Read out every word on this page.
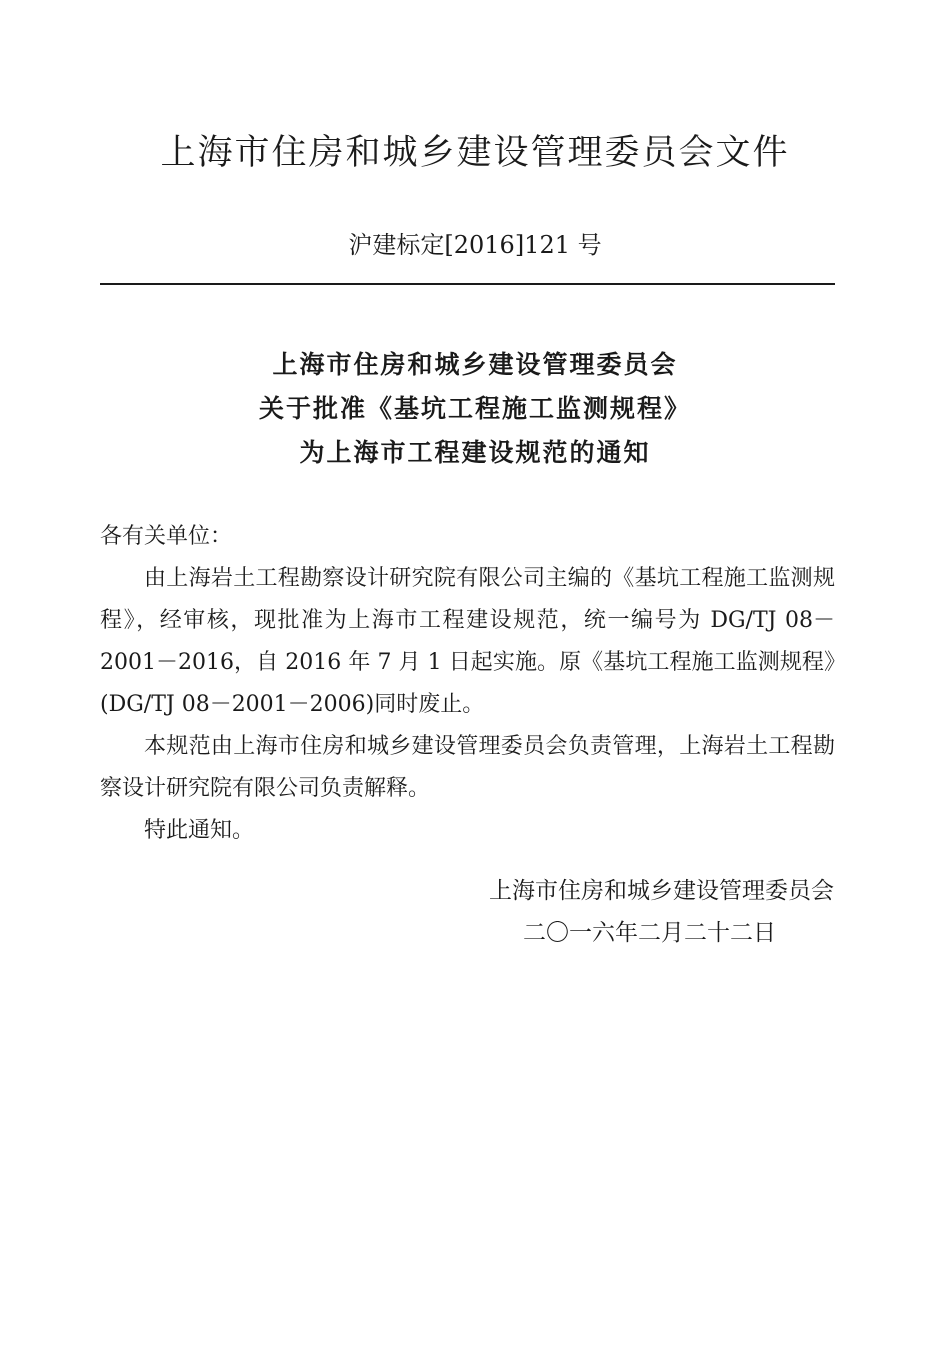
上海市住房和城乡建设管理委员会文件
沪建标定[2016]121 号
上海市住房和城乡建设管理委员会
关于批准《基坑工程施工监测规程》
为上海市工程建设规范的通知

各有关单位：

由上海岩土工程勘察设计研究院有限公司主编的《基坑工程施工监测规程》，经审核，现批准为上海市工程建设规范，统一编号为 DG/TJ 08－2001－2016，自 2016 年 7 月 1 日起实施。原《基坑工程施工监测规程》(DG/TJ 08－2001－2006)同时废止。

本规范由上海市住房和城乡建设管理委员会负责管理，上海岩土工程勘察设计研究院有限公司负责解释。

特此通知。

上海市住房和城乡建设管理委员会
二〇一六年二月二十二日
